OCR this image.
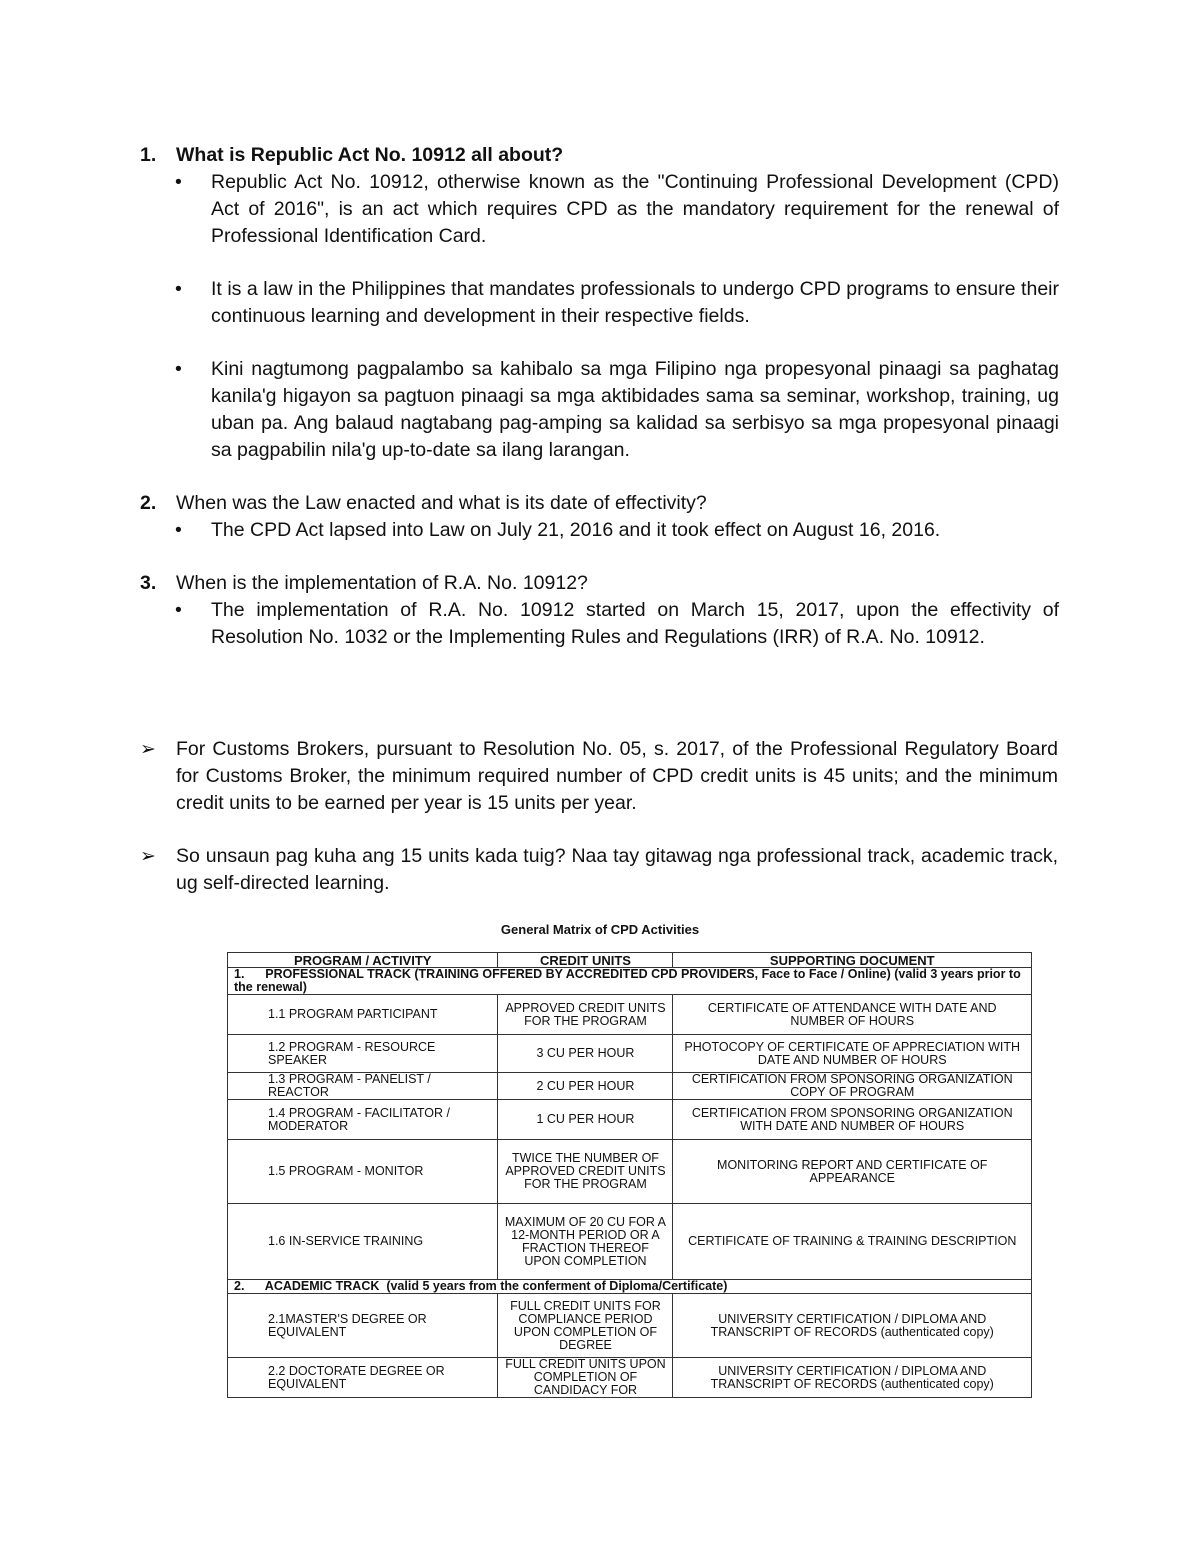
1. What is Republic Act No. 10912 all about?
• Republic Act No. 10912, otherwise known as the "Continuing Professional Development (CPD) Act of 2016", is an act which requires CPD as the mandatory requirement for the renewal of Professional Identification Card.
• It is a law in the Philippines that mandates professionals to undergo CPD programs to ensure their continuous learning and development in their respective fields.
• Kini nagtumong pagpalambo sa kahibalo sa mga Filipino nga propesyonal pinaagi sa paghatag kanila'g higayon sa pagtuon pinaagi sa mga aktibidades sama sa seminar, workshop, training, ug uban pa. Ang balaud nagtabang pag-amping sa kalidad sa serbisyo sa mga propesyonal pinaagi sa pagpabilin nila'g up-to-date sa ilang larangan.
2. When was the Law enacted and what is its date of effectivity?
• The CPD Act lapsed into Law on July 21, 2016 and it took effect on August 16, 2016.
3. When is the implementation of R.A. No. 10912?
• The implementation of R.A. No. 10912 started on March 15, 2017, upon the effectivity of Resolution No. 1032 or the Implementing Rules and Regulations (IRR) of R.A. No. 10912.
➢ For Customs Brokers, pursuant to Resolution No. 05, s. 2017, of the Professional Regulatory Board for Customs Broker, the minimum required number of CPD credit units is 45 units; and the minimum credit units to be earned per year is 15 units per year.
➢ So unsaun pag kuha ang 15 units kada tuig? Naa tay gitawag nga professional track, academic track, ug self-directed learning.
General Matrix of CPD Activities
PROGRAM / ACTIVITY	CREDIT UNITS	SUPPORTING DOCUMENT
1.      PROFESSIONAL TRACK (TRAINING OFFERED BY ACCREDITED CPD PROVIDERS, Face to Face / Online) (valid 3 years prior to the renewal)		
1.1 PROGRAM PARTICIPANT	APPROVED CREDIT UNITS FOR THE PROGRAM	CERTIFICATE OF ATTENDANCE WITH DATE AND NUMBER OF HOURS
1.2 PROGRAM - RESOURCE SPEAKER	3 CU PER HOUR	PHOTOCOPY OF CERTIFICATE OF APPRECIATION WITH DATE AND NUMBER OF HOURS
1.3 PROGRAM - PANELIST / REACTOR	2 CU PER HOUR	CERTIFICATION FROM SPONSORING ORGANIZATION COPY OF PROGRAM
1.4 PROGRAM - FACILITATOR / MODERATOR	1 CU PER HOUR	CERTIFICATION FROM SPONSORING ORGANIZATION WITH DATE AND NUMBER OF HOURS
1.5 PROGRAM - MONITOR	TWICE THE NUMBER OF APPROVED CREDIT UNITS FOR THE PROGRAM	MONITORING REPORT AND CERTIFICATE OF APPEARANCE
1.6 IN-SERVICE TRAINING	MAXIMUM OF 20 CU FOR A 12-MONTH PERIOD OR A FRACTION THEREOF UPON COMPLETION	CERTIFICATE OF TRAINING & TRAINING DESCRIPTION
2.      ACADEMIC TRACK  (valid 5 years from the conferment of Diploma/Certificate)		
2.1MASTER'S DEGREE OR EQUIVALENT	FULL CREDIT UNITS FOR COMPLIANCE PERIOD UPON COMPLETION OF DEGREE	UNIVERSITY CERTIFICATION / DIPLOMA AND TRANSCRIPT OF RECORDS (authenticated copy)
2.2 DOCTORATE DEGREE OR EQUIVALENT	FULL CREDIT UNITS UPON COMPLETION OF CANDIDACY FOR	UNIVERSITY CERTIFICATION / DIPLOMA AND TRANSCRIPT OF RECORDS (authenticated copy)
